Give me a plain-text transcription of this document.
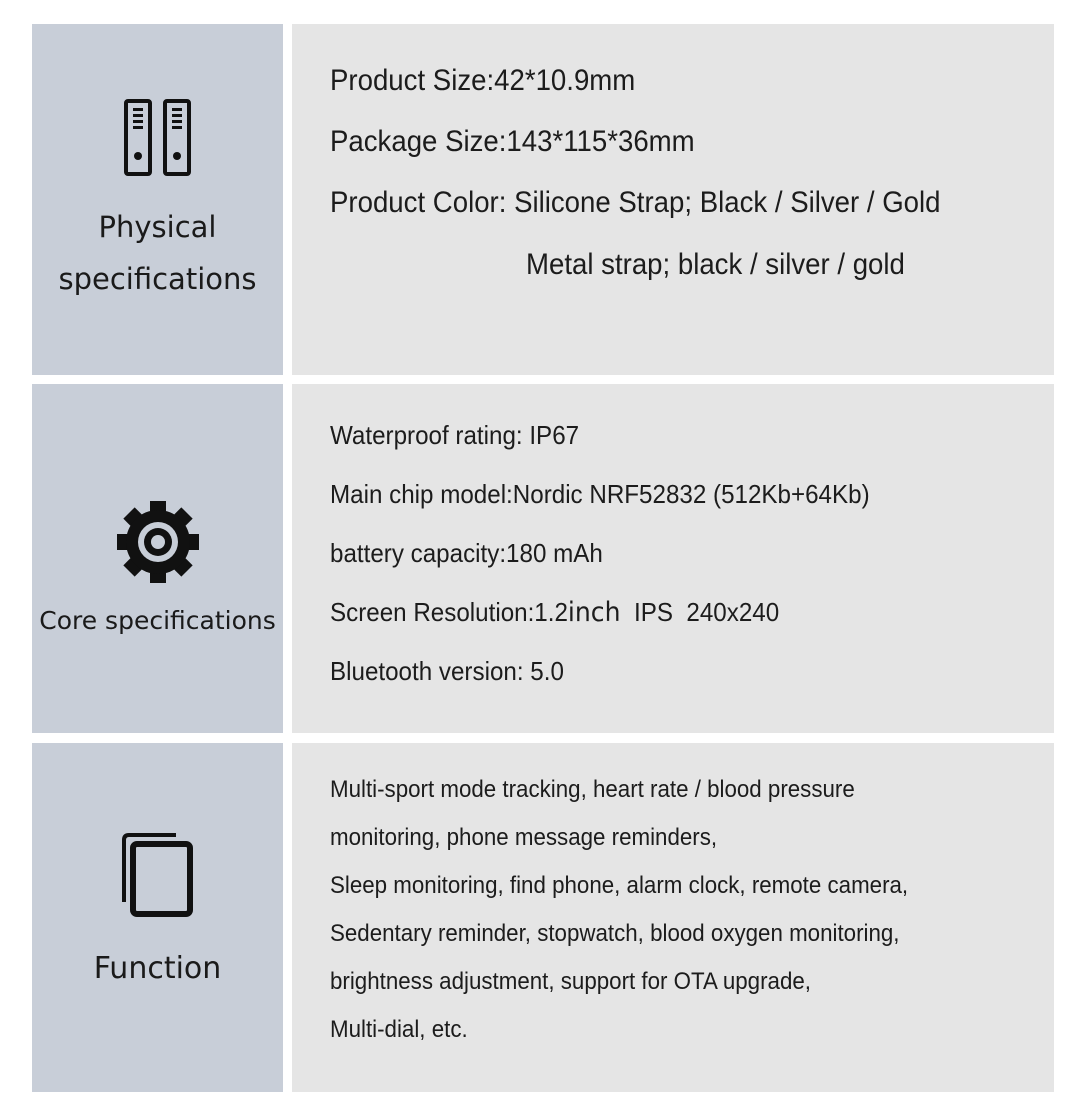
Physical
specifications
Product Size:42*10.9mm
Package Size:143*115*36mm
Product Color: Silicone Strap; Black / Silver / Gold
Metal strap; black / silver / gold
Core specifications
Waterproof rating: IP67
Main chip model:Nordic NRF52832 (512Kb+64Kb)
battery capacity:180 mAh
Screen Resolution:1.2inch  IPS  240x240
Bluetooth version: 5.0
Function
Multi-sport mode tracking, heart rate / blood pressure
monitoring, phone message reminders,
Sleep monitoring, find phone, alarm clock, remote camera,
Sedentary reminder, stopwatch, blood oxygen monitoring,
brightness adjustment, support for OTA upgrade,
Multi-dial, etc.
